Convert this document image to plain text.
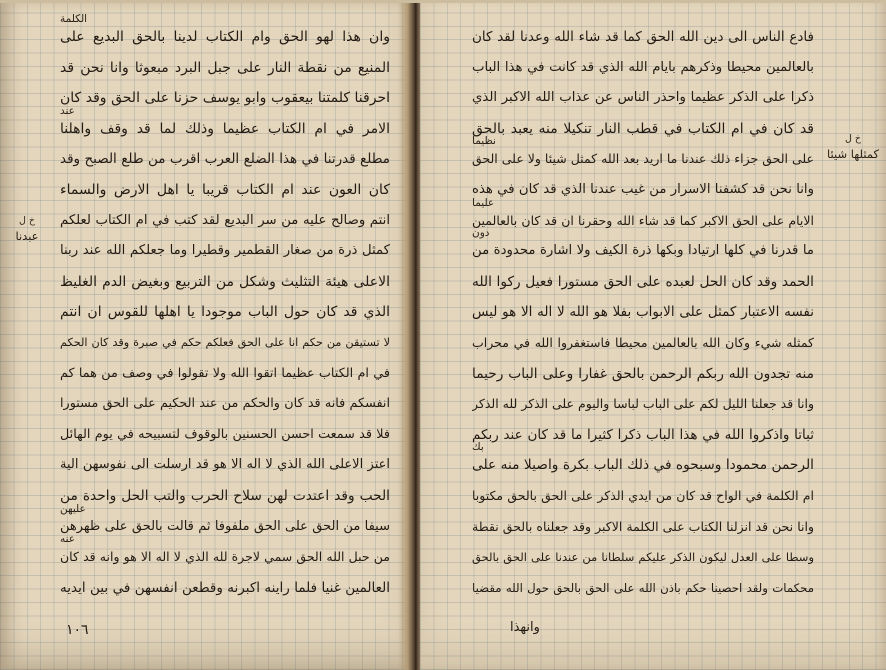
خ ل
عبدنا
وان هذا لهو الحق وام الكتاب لدينا بالحق البديع على
الكلمة
المنيع من نقطة النار على جبل البرد مبعوثا وانا نحن قد
احرقنا كلمتنا بيعقوب وابو يوسف حزنا على الحق وقد كان
الامر في ام الكتاب عظيما وذلك لما قد وقف واهلنا
عند
مطلع قدرتنا في هذا الضلع العرب اقرب من طلع الصبح وقد
كان العون عند ام الكتاب قريبا يا اهل الارض والسماء
انتم وصالح عليه من سر البديع لقد كتب في ام الكتاب لعلكم
كمثل ذرة من صغار القطمير وقطيرا وما جعلكم الله عند ربنا
الاعلى هيئة التثليث وشكل من التربيع وبغيض الدم الغليظ
الذي قد كان حول الباب موجودا يا اهلها للقوس ان انتم
لا تستيقن من حكم انا على الحق فعلكم حكم في صبرة وقد كان الحكم
في ام الكتاب عظيما اتقوا الله ولا تقولوا في وصف من هما كم
انفسكم فانه قد كان والحكم من عند الحكيم على الحق مستورا
فلا قد سمعت احسن الحسنين بالوقوف لتسبيحه في يوم الهائل
اعتز الاعلى الله الذي لا اله الا هو قد ارسلت الى نفوسهن الية
الحب وقد اعتدت لهن سلاح الحرب والتب الحل واحدة من
سيفا من الحق على الحق ملفوفا ثم قالت بالحق على ظهرهن
عليهن
من حبل الله الحق سمي لاجرة لله الذي لا اله الا هو وانه قد كان
عنه
العالمين غنيا فلما راينه اكبرنه وقطعن انفسهن في بين ايديه
١٠٦
خ ل
كمثلها شيئا
فادع الناس الى دين الله الحق كما قد شاء الله وعدنا لقد كان
بالعالمين محيطا وذكرهم بايام الله الذي قد كانت في هذا الباب
ذكرا على الذكر عظيما واحذر الناس عن عذاب الله الاكبر الذي
قد كان في ام الكتاب في قطب النار تنكيلا منه يعبد بالحق
على الحق جزاء ذلك عندنا ما اريد بعد الله كمثل شيئا ولا على الحق
نظيما
وانا نحن قد كشفنا الاسرار من غيب عندنا الذي قد كان في هذه
الايام على الحق الاكبر كما قد شاء الله وحقرنا ان قد كان بالعالمين
عليما
ما قدرنا في كلها ارتيادا وبكها ذرة الكيف ولا اشارة محدودة من
دون
الحمد وقد كان الحل لعبده على الحق مستورا فعيل ركوا الله
نفسه الاعتبار كمثل على الابواب بفلا هو الله لا اله الا هو ليس
كمثله شيء وكان الله بالعالمين محيطا فاستغفروا الله في محراب
منه تجدون الله ربكم الرحمن بالحق غفارا وعلى الباب رحيما
وانا قد جعلنا الليل لكم على الباب لباسا واليوم على الذكر لله الذكر
ثباتا واذكروا الله في هذا الباب ذكرا كثيرا ما قد كان عند ربكم
الرحمن محمودا وسبحوه في ذلك الباب بكرة واصيلا منه على
بك
ام الكلمة في الواح قد كان من ايدي الذكر على الحق بالحق مكتوبا
وانا نحن قد انزلنا الكتاب على الكلمة الاكبر وقد جعلناه بالحق نقطة
وسطا على العدل ليكون الذكر عليكم سلطانا من عندنا على الحق بالحق
محكمات ولقد احصينا حكم باذن الله على الحق بالحق حول الله مقضيا
وانهذا
